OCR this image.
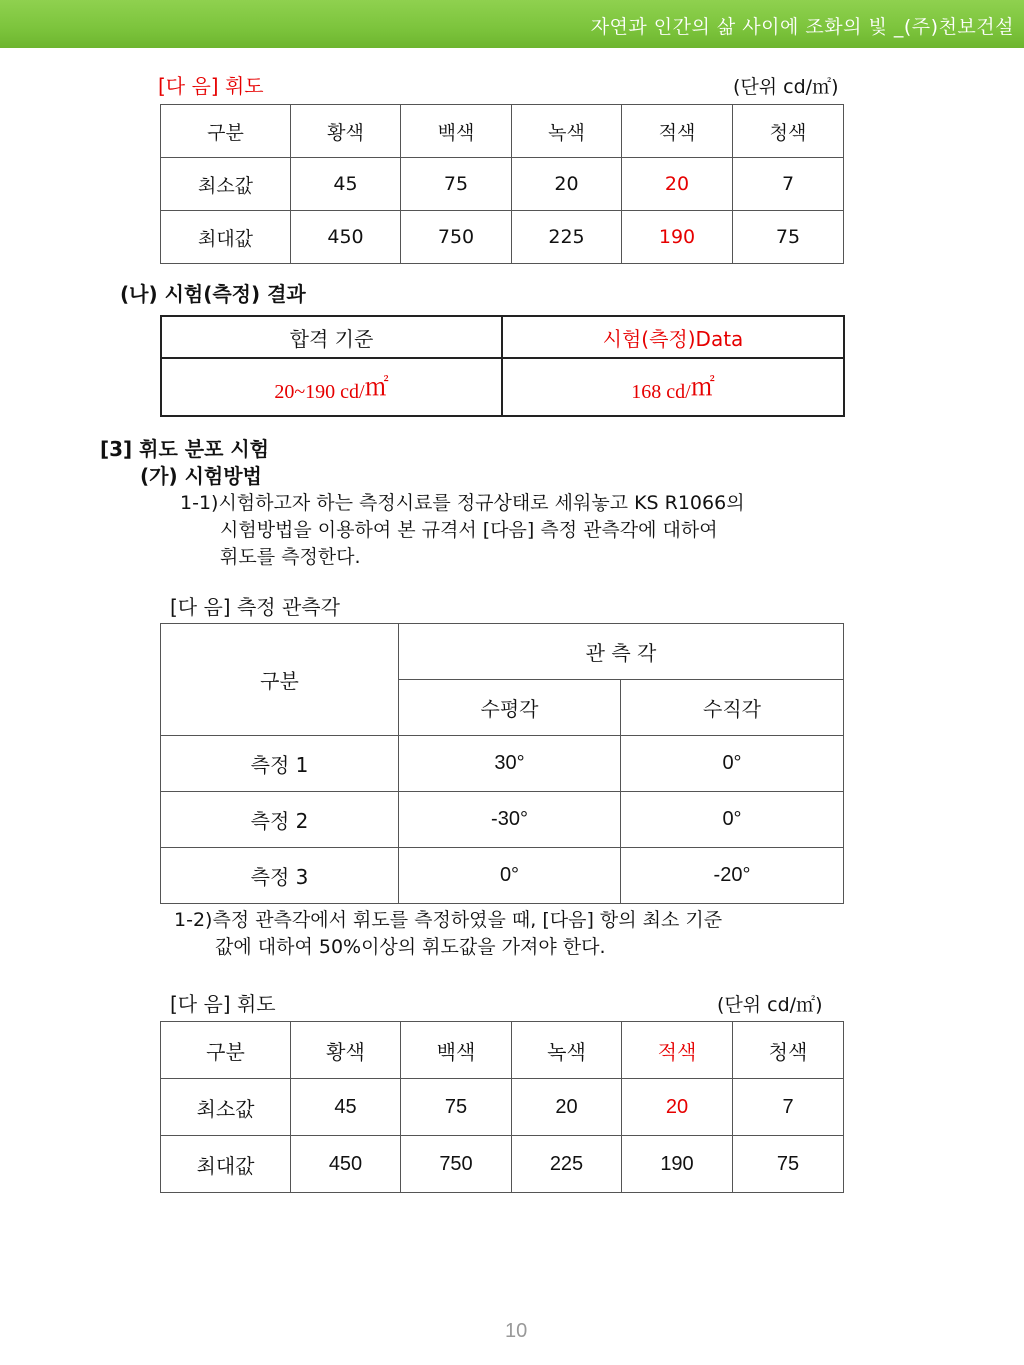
자연과 인간의 삶 사이에 조화의 빛 _(주)천보건설
[다 음] 휘도	(단위 cd/㎡)
구분	황색	백색	녹색	적색	청색
최소값	45	75	20	20	7
최대값	450	750	225	190	75
(나) 시험(측정) 결과
합격 기준	시험(측정)Data
20~190 cd/㎡	168 cd/㎡
[3] 휘도 분포 시험
(가) 시험방법
1-1)시험하고자 하는 측정시료를 정규상태로 세워놓고 KS R1066의
시험방법을 이용하여 본 규격서 [다음] 측정 관측각에 대하여
휘도를 측정한다.
[다 음] 측정 관측각
구분	관 측 각	
	수평각	수직각
측정 1	30°	0°
측정 2	-30°	0°
측정 3	0°	-20°
1-2)측정 관측각에서 휘도를 측정하였을 때, [다음] 항의 최소 기준
값에 대하여 50%이상의 휘도값을 가져야 한다.
[다 음] 휘도	(단위 cd/㎡)
구분	황색	백색	녹색	적색	청색
최소값	45	75	20	20	7
최대값	450	750	225	190	75
10
